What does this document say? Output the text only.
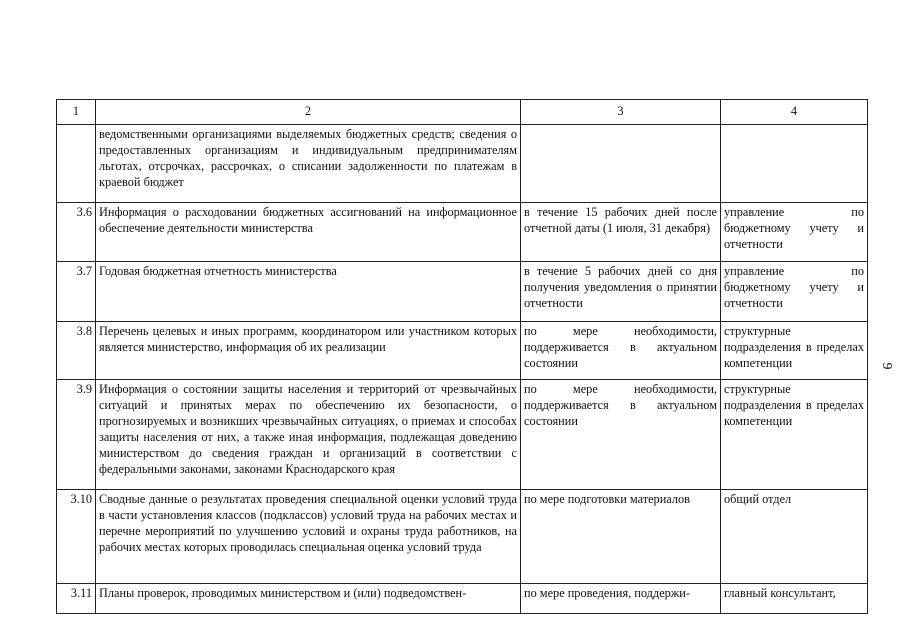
1	2	3	4
	ведомственными организациями выделяемых бюджетных средств; сведения о предоставленных организациям и индивидуальным предпринимателям льготах, отсрочках, рассрочках, о списании задолженности по платежам в краевой бюджет		
3.6	Информация о расходовании бюджетных ассигнований на информационное обеспечение деятельности министерства	в течение 15 рабочих дней после отчетной даты (1 июля, 31 декабря)	управление по бюджетному учету и отчетности
3.7	Годовая бюджетная отчетность министерства	в течение 5 рабочих дней со дня получения уведомления о принятии отчетности	управление по бюджетному учету и отчетности
3.8	Перечень целевых и иных программ, координатором или участником которых является министерство, информация об их реализации	по мере необходимости, поддерживается в актуальном состоянии	структурные подразделения в пределах компетенции
3.9	Информация о состоянии защиты населения и территорий от чрезвычайных ситуаций и принятых мерах по обеспечению их безопасности, о прогнозируемых и возникших чрезвычайных ситуациях, о приемах и способах защиты населения от них, а также иная информация, подлежащая доведению министерством до сведения граждан и организаций в соответствии с федеральными законами, законами Краснодарского края	по мере необходимости, поддерживается в актуальном состоянии	структурные подразделения в пределах компетенции
3.10	Сводные данные о результатах проведения специальной оценки условий труда в части установления классов (подклассов) условий труда на рабочих местах и перечне мероприятий по улучшению условий и охраны труда работников, на рабочих местах которых проводилась специальная оценка условий труда	по мере подготовки материалов	общий отдел
3.11	Планы проверок, проводимых министерством и (или) подведомствен-	по мере проведения, поддержи-	главный консультант,
9
